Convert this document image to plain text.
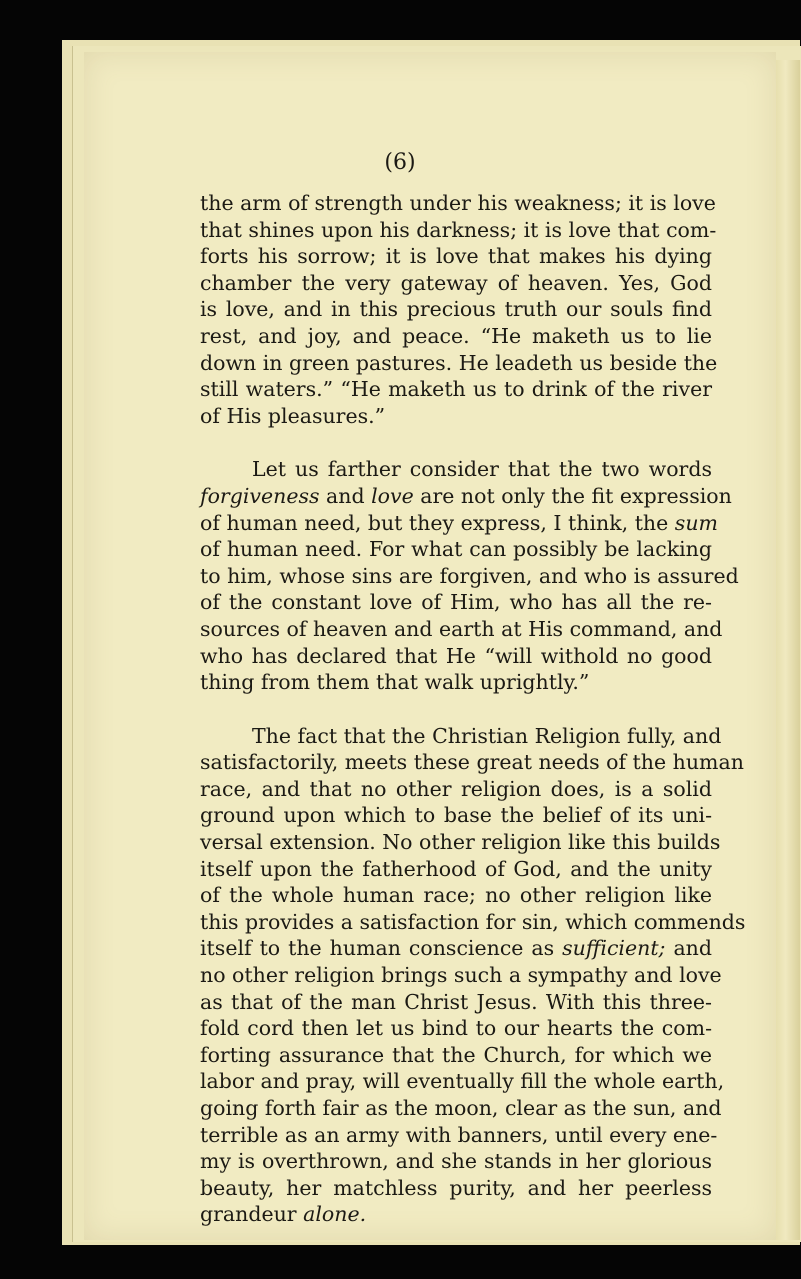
(6)
the arm of strength under his weakness; it is love
that shines upon his darkness; it is love that com-
forts his sorrow; it is love that makes his dying
chamber the very gateway of heaven. Yes, God
is love, and in this precious truth our souls find
rest, and joy, and peace. “He maketh us to lie
down in green pastures. He leadeth us beside the
still waters.” “He maketh us to drink of the river
of His pleasures.”
Let us farther consider that the two words
forgiveness and love are not only the fit expression
of human need, but they express, I think, the sum
of human need. For what can possibly be lacking
to him, whose sins are forgiven, and who is assured
of the constant love of Him, who has all the re-
sources of heaven and earth at His command, and
who has declared that He “will withold no good
thing from them that walk uprightly.”
The fact that the Christian Religion fully, and
satisfactorily, meets these great needs of the human
race, and that no other religion does, is a solid
ground upon which to base the belief of its uni-
versal extension. No other religion like this builds
itself upon the fatherhood of God, and the unity
of the whole human race; no other religion like
this provides a satisfaction for sin, which commends
itself to the human conscience as sufficient; and
no other religion brings such a sympathy and love
as that of the man Christ Jesus. With this three-
fold cord then let us bind to our hearts the com-
forting assurance that the Church, for which we
labor and pray, will eventually fill the whole earth,
going forth fair as the moon, clear as the sun, and
terrible as an army with banners, until every ene-
my is overthrown, and she stands in her glorious
beauty, her matchless purity, and her peerless
grandeur alone.
